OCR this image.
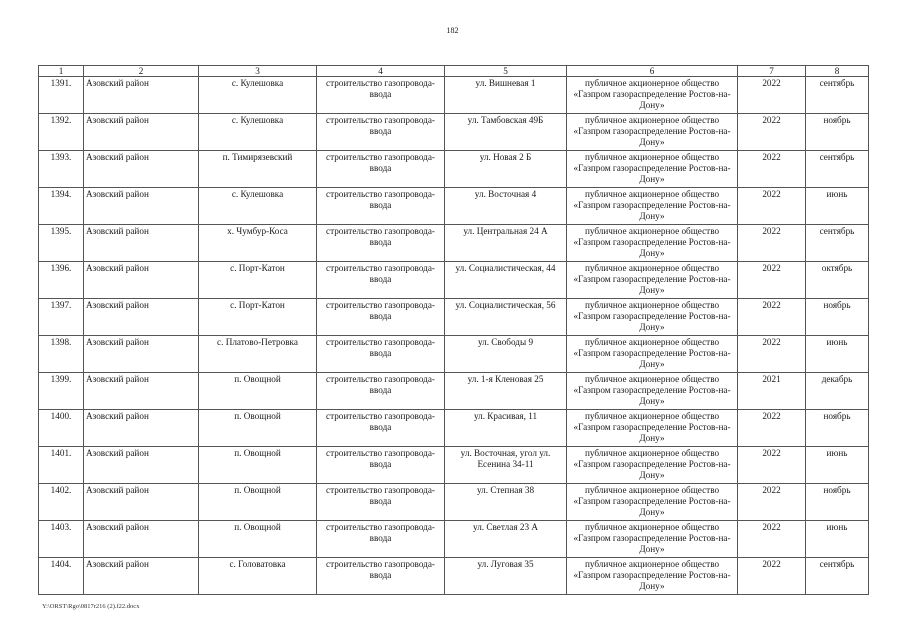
182
1	2	3	4	5	6	7	8
1391.	Азовский район	с. Кулешовка	строительство газопровода-ввода	ул. Вишневая 1	публичное акционерное общество «Газпром газораспределение Ростов-на-Дону»	2022	сентябрь
1392.	Азовский район	с. Кулешовка	строительство газопровода-ввода	ул. Тамбовская 49Б	публичное акционерное общество «Газпром газораспределение Ростов-на-Дону»	2022	ноябрь
1393.	Азовский район	п. Тимирязевский	строительство газопровода-ввода	ул. Новая 2 Б	публичное акционерное общество «Газпром газораспределение Ростов-на-Дону»	2022	сентябрь
1394.	Азовский район	с. Кулешовка	строительство газопровода-ввода	ул. Восточная 4	публичное акционерное общество «Газпром газораспределение Ростов-на-Дону»	2022	июнь
1395.	Азовский район	х. Чумбур-Коса	строительство газопровода-ввода	ул. Центральная 24 А	публичное акционерное общество «Газпром газораспределение Ростов-на-Дону»	2022	сентябрь
1396.	Азовский район	с. Порт-Катон	строительство газопровода-ввода	ул. Социалистическая, 44	публичное акционерное общество «Газпром газораспределение Ростов-на-Дону»	2022	октябрь
1397.	Азовский район	с. Порт-Катон	строительство газопровода-ввода	ул. Социалистическая, 56	публичное акционерное общество «Газпром газораспределение Ростов-на-Дону»	2022	ноябрь
1398.	Азовский район	с. Платово-Петровка	строительство газопровода-ввода	ул. Свободы 9	публичное акционерное общество «Газпром газораспределение Ростов-на-Дону»	2022	июнь
1399.	Азовский район	п. Овощной	строительство газопровода-ввода	ул. 1-я Кленовая 25	публичное акционерное общество «Газпром газораспределение Ростов-на-Дону»	2021	декабрь
1400.	Азовский район	п. Овощной	строительство газопровода-ввода	ул. Красивая, 11	публичное акционерное общество «Газпром газораспределение Ростов-на-Дону»	2022	ноябрь
1401.	Азовский район	п. Овощной	строительство газопровода-ввода	ул. Восточная, угол ул. Есенина 34-11	публичное акционерное общество «Газпром газораспределение Ростов-на-Дону»	2022	июнь
1402.	Азовский район	п. Овощной	строительство газопровода-ввода	ул. Степная 38	публичное акционерное общество «Газпром газораспределение Ростов-на-Дону»	2022	ноябрь
1403.	Азовский район	п. Овощной	строительство газопровода-ввода	ул. Светлая 23 А	публичное акционерное общество «Газпром газораспределение Ростов-на-Дону»	2022	июнь
1404.	Азовский район	с. Головатовка	строительство газопровода-ввода	ул. Луговая 35	публичное акционерное общество «Газпром газораспределение Ростов-на-Дону»	2022	сентябрь
Y:\ORST\Rgo\0817r216 (2).f22.docx
